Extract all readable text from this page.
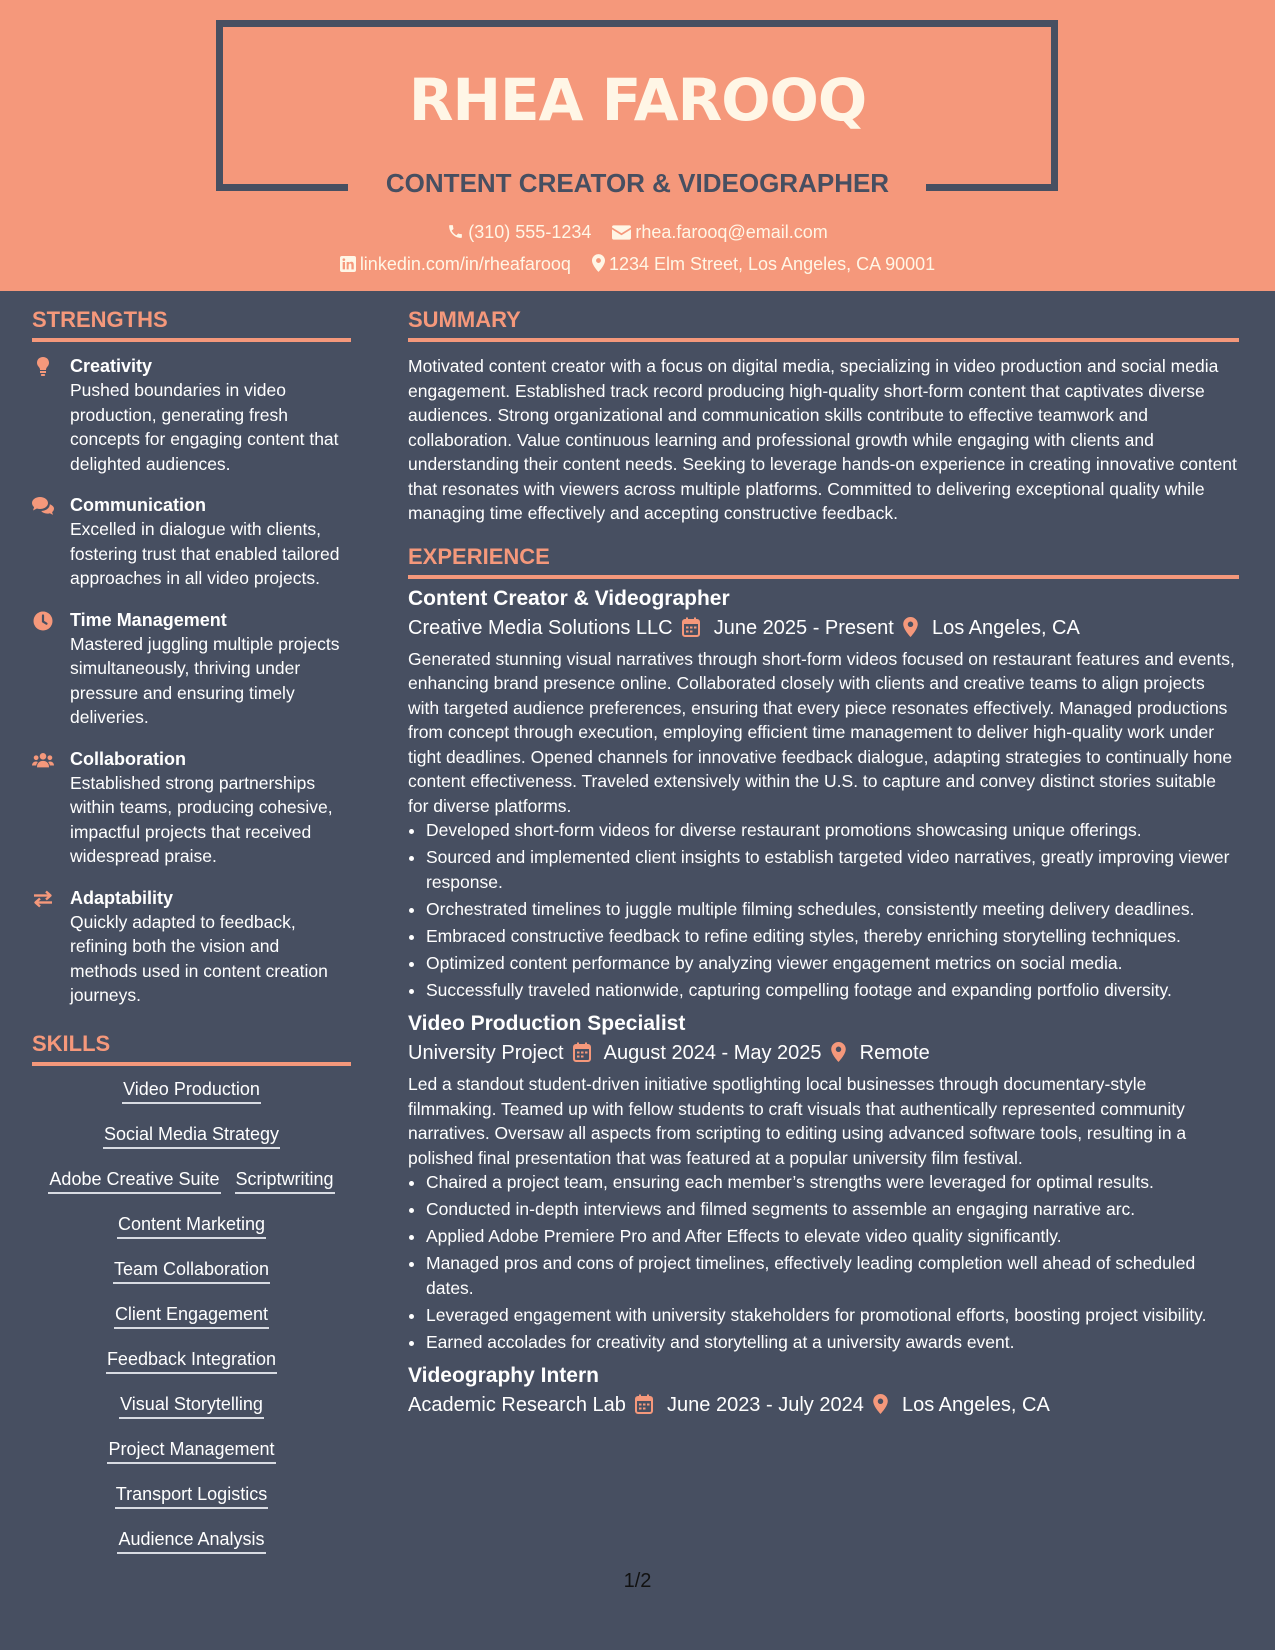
RHEA FAROOQ
CONTENT CREATOR & VIDEOGRAPHER
(310) 555-1234 rhea.farooq@email.com
linkedin.com/in/rheafarooq 1234 Elm Street, Los Angeles, CA 90001
STRENGTHS
Creativity
Pushed boundaries in video production, generating fresh concepts for engaging content that delighted audiences.
Communication
Excelled in dialogue with clients, fostering trust that enabled tailored approaches in all video projects.
Time Management
Mastered juggling multiple projects simultaneously, thriving under pressure and ensuring timely deliveries.
Collaboration
Established strong partnerships within teams, producing cohesive, impactful projects that received widespread praise.
Adaptability
Quickly adapted to feedback, refining both the vision and methods used in content creation journeys.
SKILLS
Video Production
Social Media Strategy
Adobe Creative Suite Scriptwriting
Content Marketing
Team Collaboration
Client Engagement
Feedback Integration
Visual Storytelling
Project Management
Transport Logistics
Audience Analysis
SUMMARY
Motivated content creator with a focus on digital media, specializing in video production and social media engagement. Established track record producing high-quality short-form content that captivates diverse audiences. Strong organizational and communication skills contribute to effective teamwork and collaboration. Value continuous learning and professional growth while engaging with clients and understanding their content needs. Seeking to leverage hands-on experience in creating innovative content that resonates with viewers across multiple platforms. Committed to delivering exceptional quality while managing time effectively and accepting constructive feedback.
EXPERIENCE
Content Creator & Videographer
Creative Media Solutions LLC June 2025 - Present Los Angeles, CA
Generated stunning visual narratives through short-form videos focused on restaurant features and events, enhancing brand presence online. Collaborated closely with clients and creative teams to align projects with targeted audience preferences, ensuring that every piece resonates effectively. Managed productions from concept through execution, employing efficient time management to deliver high-quality work under tight deadlines. Opened channels for innovative feedback dialogue, adapting strategies to continually hone content effectiveness. Traveled extensively within the U.S. to capture and convey distinct stories suitable for diverse platforms.
• Developed short-form videos for diverse restaurant promotions showcasing unique offerings.
• Sourced and implemented client insights to establish targeted video narratives, greatly improving viewer response.
• Orchestrated timelines to juggle multiple filming schedules, consistently meeting delivery deadlines.
• Embraced constructive feedback to refine editing styles, thereby enriching storytelling techniques.
• Optimized content performance by analyzing viewer engagement metrics on social media.
• Successfully traveled nationwide, capturing compelling footage and expanding portfolio diversity.
Video Production Specialist
University Project August 2024 - May 2025 Remote
Led a standout student-driven initiative spotlighting local businesses through documentary-style filmmaking. Teamed up with fellow students to craft visuals that authentically represented community narratives. Oversaw all aspects from scripting to editing using advanced software tools, resulting in a polished final presentation that was featured at a popular university film festival.
• Chaired a project team, ensuring each member’s strengths were leveraged for optimal results.
• Conducted in-depth interviews and filmed segments to assemble an engaging narrative arc.
• Applied Adobe Premiere Pro and After Effects to elevate video quality significantly.
• Managed pros and cons of project timelines, effectively leading completion well ahead of scheduled dates.
• Leveraged engagement with university stakeholders for promotional efforts, boosting project visibility.
• Earned accolades for creativity and storytelling at a university awards event.
Videography Intern
Academic Research Lab June 2023 - July 2024 Los Angeles, CA
1/2
